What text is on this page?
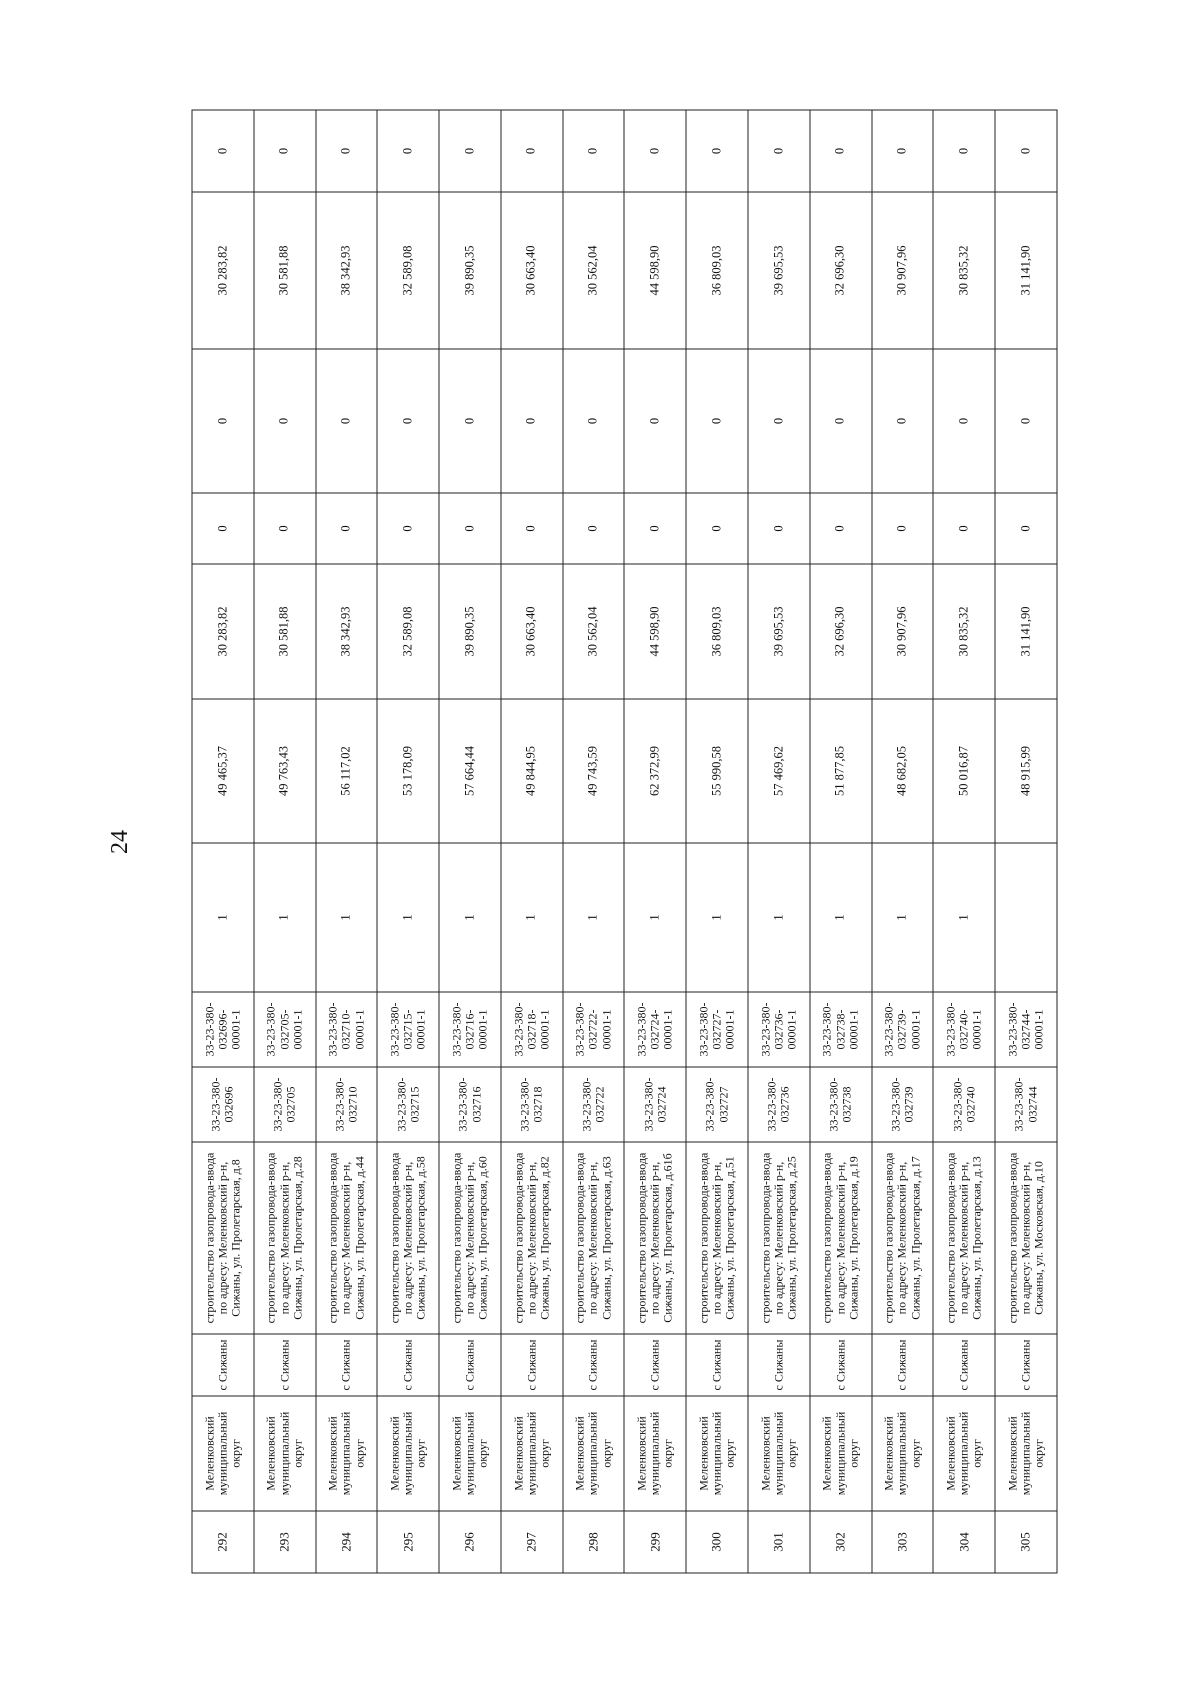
24
292	Меленковский муниципальный округ	с Сижаны	строительство газопровода-ввода по адресу: Меленковский р-н, Сижаны, ул. Пролетарская, д.8	33-23-380-032696	33-23-380-032696-00001-1	1	49 465,37	30 283,82	0	0	30 283,82	0
293	Меленковский муниципальный округ	с Сижаны	строительство газопровода-ввода по адресу: Меленковский р-н, Сижаны, ул. Пролетарская, д.28	33-23-380-032705	33-23-380-032705-00001-1	1	49 763,43	30 581,88	0	0	30 581,88	0
294	Меленковский муниципальный округ	с Сижаны	строительство газопровода-ввода по адресу: Меленковский р-н, Сижаны, ул. Пролетарская, д.44	33-23-380-032710	33-23-380-032710-00001-1	1	56 117,02	38 342,93	0	0	38 342,93	0
295	Меленковский муниципальный округ	с Сижаны	строительство газопровода-ввода по адресу: Меленковский р-н, Сижаны, ул. Пролетарская, д.58	33-23-380-032715	33-23-380-032715-00001-1	1	53 178,09	32 589,08	0	0	32 589,08	0
296	Меленковский муниципальный округ	с Сижаны	строительство газопровода-ввода по адресу: Меленковский р-н, Сижаны, ул. Пролетарская, д.60	33-23-380-032716	33-23-380-032716-00001-1	1	57 664,44	39 890,35	0	0	39 890,35	0
297	Меленковский муниципальный округ	с Сижаны	строительство газопровода-ввода по адресу: Меленковский р-н, Сижаны, ул. Пролетарская, д.82	33-23-380-032718	33-23-380-032718-00001-1	1	49 844,95	30 663,40	0	0	30 663,40	0
298	Меленковский муниципальный округ	с Сижаны	строительство газопровода-ввода по адресу: Меленковский р-н, Сижаны, ул. Пролетарская, д.63	33-23-380-032722	33-23-380-032722-00001-1	1	49 743,59	30 562,04	0	0	30 562,04	0
299	Меленковский муниципальный округ	с Сижаны	строительство газопровода-ввода по адресу: Меленковский р-н, Сижаны, ул. Пролетарская, д.61б	33-23-380-032724	33-23-380-032724-00001-1	1	62 372,99	44 598,90	0	0	44 598,90	0
300	Меленковский муниципальный округ	с Сижаны	строительство газопровода-ввода по адресу: Меленковский р-н, Сижаны, ул. Пролетарская, д.51	33-23-380-032727	33-23-380-032727-00001-1	1	55 990,58	36 809,03	0	0	36 809,03	0
301	Меленковский муниципальный округ	с Сижаны	строительство газопровода-ввода по адресу: Меленковский р-н, Сижаны, ул. Пролетарская, д.25	33-23-380-032736	33-23-380-032736-00001-1	1	57 469,62	39 695,53	0	0	39 695,53	0
302	Меленковский муниципальный округ	с Сижаны	строительство газопровода-ввода по адресу: Меленковский р-н, Сижаны, ул. Пролетарская, д.19	33-23-380-032738	33-23-380-032738-00001-1	1	51 877,85	32 696,30	0	0	32 696,30	0
303	Меленковский муниципальный округ	с Сижаны	строительство газопровода-ввода по адресу: Меленковский р-н, Сижаны, ул. Пролетарская, д.17	33-23-380-032739	33-23-380-032739-00001-1	1	48 682,05	30 907,96	0	0	30 907,96	0
304	Меленковский муниципальный округ	с Сижаны	строительство газопровода-ввода по адресу: Меленковский р-н, Сижаны, ул. Пролетарская, д.13	33-23-380-032740	33-23-380-032740-00001-1	1	50 016,87	30 835,32	0	0	30 835,32	0
305	Меленковский муниципальный округ	с Сижаны	строительство газопровода-ввода по адресу: Меленковский р-н, Сижаны, ул. Московская, д.10	33-23-380-032744	33-23-380-032744-00001-1		48 915,99	31 141,90	0	0	31 141,90	0
